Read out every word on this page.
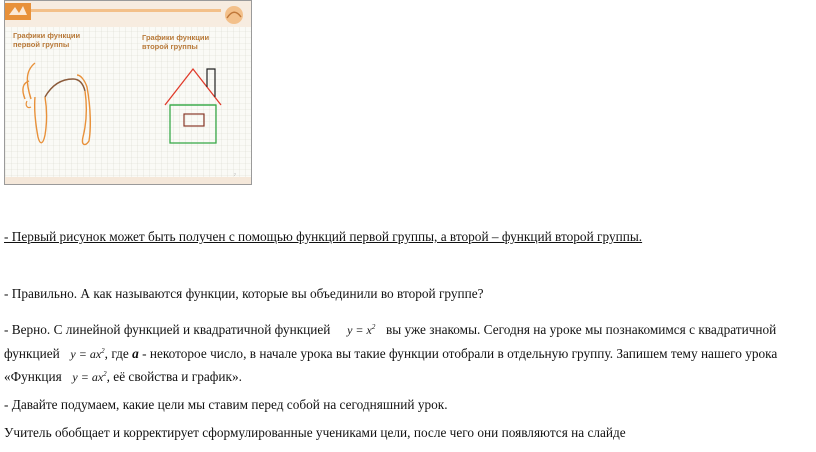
Графики функции
первой группы
Графики функции
второй группы
7
- Первый рисунок может быть получен с помощью функций первой группы, а второй – функций второй группы.
- Правильно. А как называются функции, которые вы объединили во второй группе?
- Верно. С линейной функцией и квадратичной функцией $y = x^2$ вы уже знакомы. Сегодня на уроке мы познакомимся с квадратичной
функцией $y = ax^2$, где a - некоторое число, в начале урока вы такие функции отобрали в отдельную группу. Запишем тему нашего урока
«Функция $y = ax^2$, её свойства и график».
- Давайте подумаем, какие цели мы ставим перед собой на сегодняшний урок.
Учитель обобщает и корректирует сформулированные учениками цели, после чего они появляются на слайде
